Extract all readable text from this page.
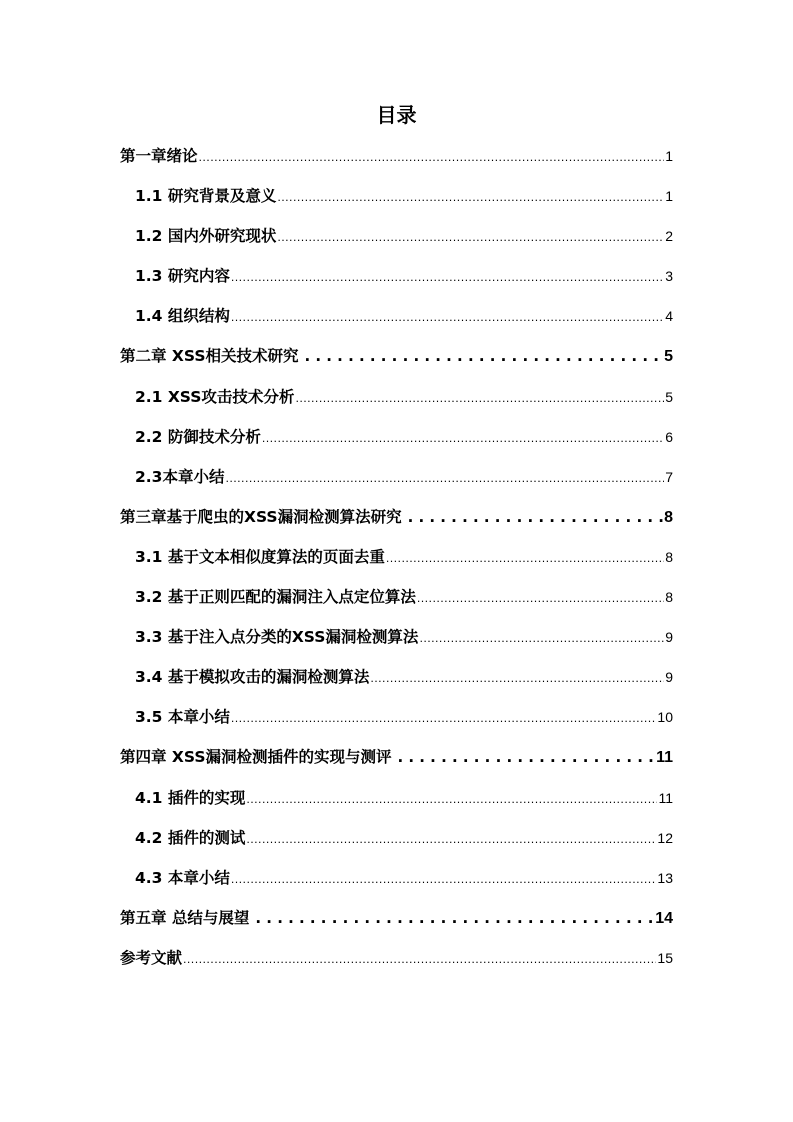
目录
第一章绪论 .....	1
1.1 研究背景及意义 .....	1
1.2 国内外研究现状 .....	2
1.3 研究内容 .....	3
1.4 组织结构 .....	4
第二章 XSS相关技术研究 .....	5
2.1 XSS攻击技术分析 .....	5
2.2 防御技术分析 .....	6
2.3本章小结 .....	7
第三章基于爬虫的XSS漏洞检测算法研究 .....	8
3.1 基于文本相似度算法的页面去重 .....	8
3.2 基于正则匹配的漏洞注入点定位算法 .....	8
3.3 基于注入点分类的XSS漏洞检测算法 .....	9
3.4 基于模拟攻击的漏洞检测算法 .....	9
3.5 本章小结 .....	10
第四章 XSS漏洞检测插件的实现与测评 .....	11
4.1 插件的实现 .....	11
4.2 插件的测试 .....	12
4.3 本章小结 .....	13
第五章 总结与展望 .....	14
参考文献 .....	15
